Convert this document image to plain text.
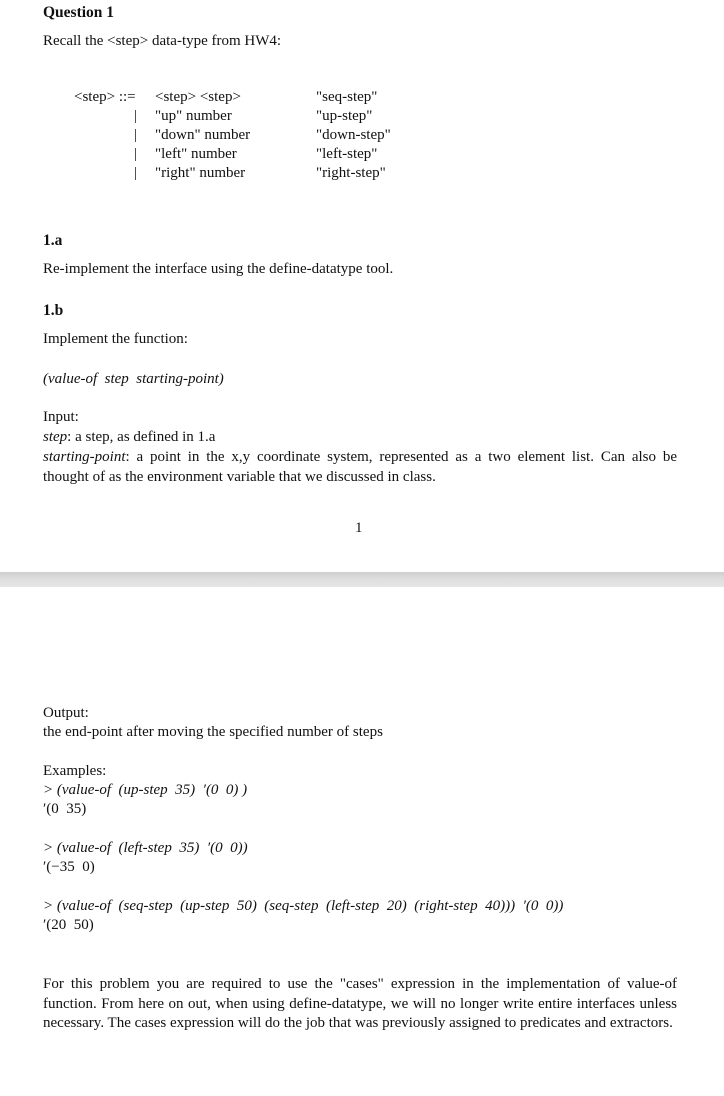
Question 1
Recall the <step> data-type from HW4:
<step> ::= <step> <step>	"seq-step"
| "up" number	"up-step"
| "down" number	"down-step"
| "left" number	"left-step"
| "right" number	"right-step"
1.a
Re-implement the interface using the define-datatype tool.
1.b
Implement the function:
(value-of  step  starting-point)
Input:
step: a step, as defined in 1.a
starting-point: a point in the x,y coordinate system, represented as a two element list. Can also be thought of as the environment variable that we discussed in class.
1
Output:
the end-point after moving the specified number of steps
Examples:
> (value-of  (up-step  35)  ′(0  0) )
′(0  35)
> (value-of  (left-step  35)  ′(0  0))
′(−35  0)
> (value-of  (seq-step  (up-step  50)  (seq-step  (left-step  20)  (right-step  40)))  ′(0  0))
′(20  50)
For this problem you are required to use the "cases" expression in the implementation of value-of function. From here on out, when using define-datatype, we will no longer write entire interfaces unless necessary. The cases expression will do the job that was previously assigned to predicates and extractors.
